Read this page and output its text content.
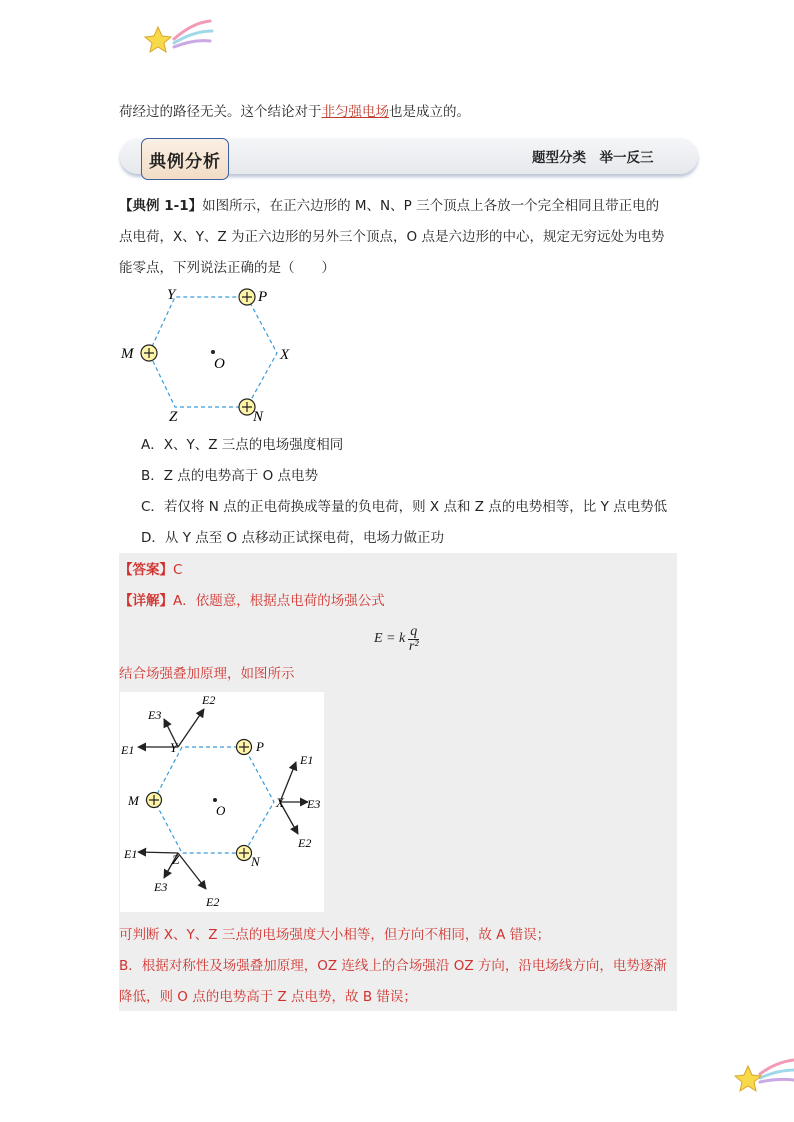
荷经过的路径无关。这个结论对于非匀强电场也是成立的。
典例分析	题型分类　举一反三
【典例 1-1】如图所示，在正六边形的 M、N、P 三个顶点上各放一个完全相同且带正电的
点电荷，X、Y、Z 为正六边形的另外三个顶点，O 点是六边形的中心，规定无穷远处为电势
能零点，下列说法正确的是（　　）
Y	P
M
O
X
Z	N
A．X、Y、Z 三点的电场强度相同
B．Z 点的电势高于 O 点电势
C．若仅将 N 点的正电荷换成等量的负电荷，则 X 点和 Z 点的电势相等，比 Y 点电势低
D．从 Y 点至 O 点移动正试探电荷，电场力做正功
【答案】C
【详解】A．依题意，根据点电荷的场强公式
E = k $\frac{q}{\text{r²}}$
结合场强叠加原理，如图所示
M
O
P
N
Y
X
Z
E2
E3
E1
E1
E3
E2
E1
E3
E2
可判断 X、Y、Z 三点的电场强度大小相等，但方向不相同，故 A 错误；
B．根据对称性及场强叠加原理，OZ 连线上的合场强沿 OZ 方向，沿电场线方向，电势逐渐
降低，则 O 点的电势高于 Z 点电势，故 B 错误；
